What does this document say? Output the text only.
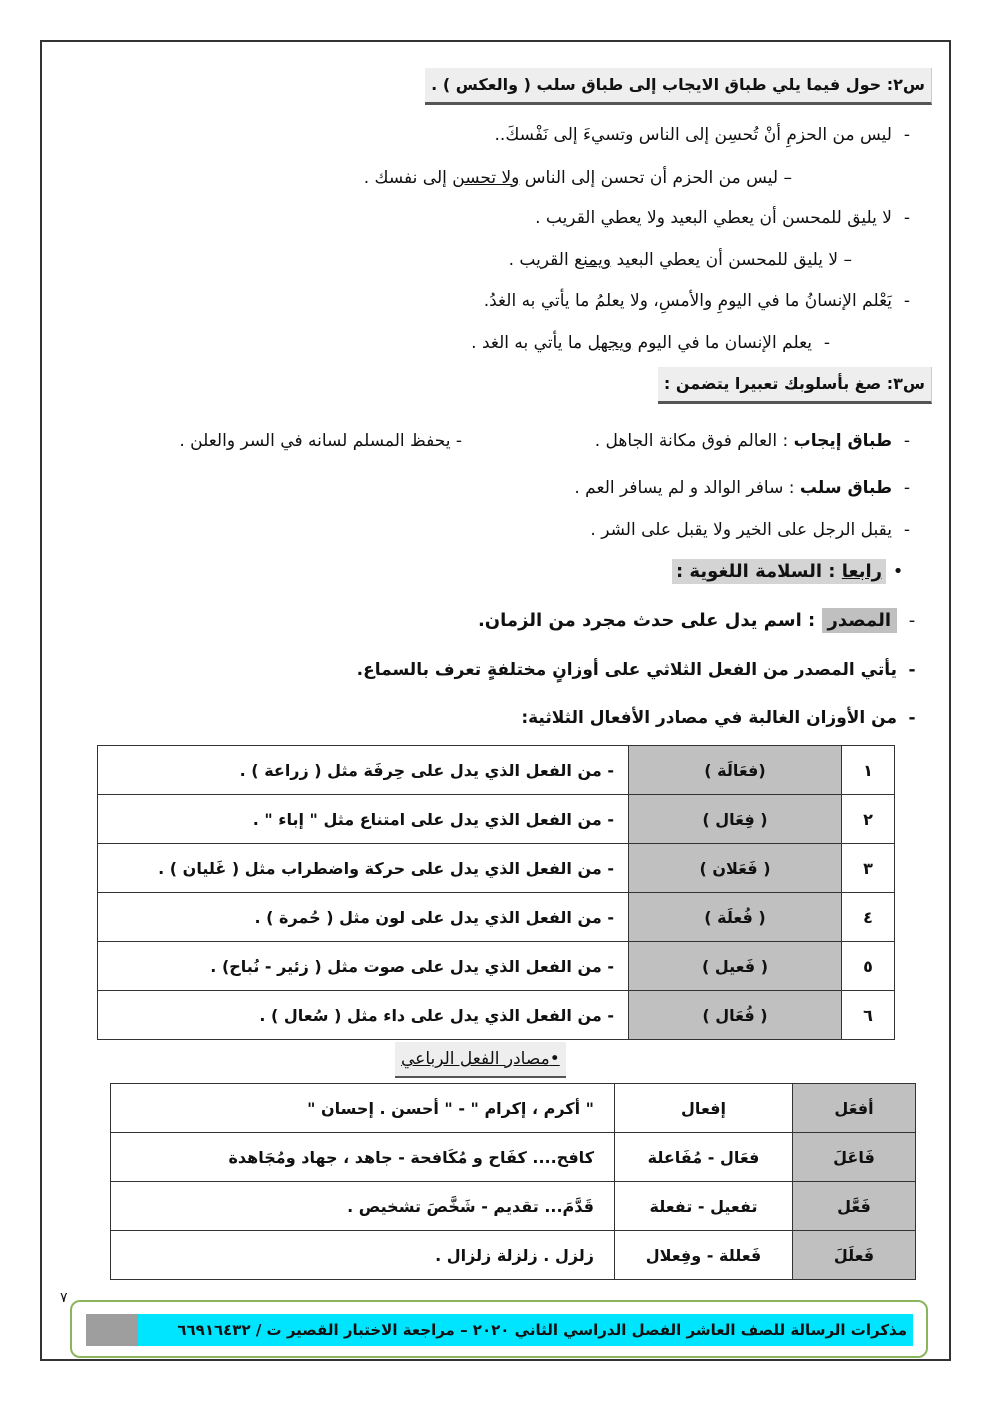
س٢: حول فيما يلي طباق الايجاب إلى طباق سلب ( والعكس ) .
-ليس من الحزمِ أنْ تُحسِن إلى الناس وتسيءَ إلى نَفْسكَ..
– ليس من الحزم أن تحسن إلى الناس ولا تحسن إلى نفسك .
-لا يليق للمحسن أن يعطي البعيد ولا يعطي القريب .
– لا يليق للمحسن أن يعطي البعيد ويمنع القريب .
-يَعْلم الإنسانُ ما في اليومِ والأمسِ، ولا يعلمُ ما يأتي به الغدُ.
-يعلم الإنسان ما في اليوم ويجهل ما يأتي به الغد .
س٣: صغ بأسلوبك تعبيرا يتضمن :
-طباق إيجاب : العالم فوق مكانة الجاهل .
- يحفظ المسلم لسانه في السر والعلن .
-طباق سلب : سافر الوالد و لم يسافر العم .
-يقبل الرجل على الخير ولا يقبل على الشر .
•رابعا : السلامة اللغوية :
-المصدر : اسم يدل على حدث مجرد من الزمان.
-يأتي المصدر من الفعل الثلاثي على أوزانٍ مختلفةٍ تعرف بالسماع.
-من الأوزان الغالبة في مصادر الأفعال الثلاثية:
١	(فعَالَة )	- من الفعل الذي يدل على حِرفَة مثل ( زراعة ) .
٢	( فِعَال )	- من الفعل الذي يدل على امتناع مثل " إباء " .
٣	( فَعَلان )	- من الفعل الذي يدل على حركة واضطراب مثل ( غَليان ) .
٤	( فُعلَة )	- من الفعل الذي يدل على لون مثل ( حُمرة ) .
٥	( فَعيل )	- من الفعل الذي يدل على صوت مثل ( زئير - نُباح) .
٦	( فُعَال )	- من الفعل الذي يدل على داء مثل ( سُعال ) .
•مصادر الفعل الرباعي
أفعَل	إفعال	" أكرم ، إكرام " - " أحسن . إحسان "
فَاعَلَ	فعَال - مُفَاعلة	كافح.... كفَاح و مُكَافحة - جاهد ، جهاد ومُجَاهدة
فَعَّل	تفعيل - تفعلة	قَدَّمَ... تقديم - شَخَّصَ تشخيص .
فَعلَلَ	فَعللة - وفِعلال	زلزل . زلزلة زلزال .
٧
مذكرات الرسالة للصف العاشر الفصل الدراسي الثاني ٢٠٢٠ – مراجعة الاختبار القصير ت / ٦٦٩١٦٤٣٢
